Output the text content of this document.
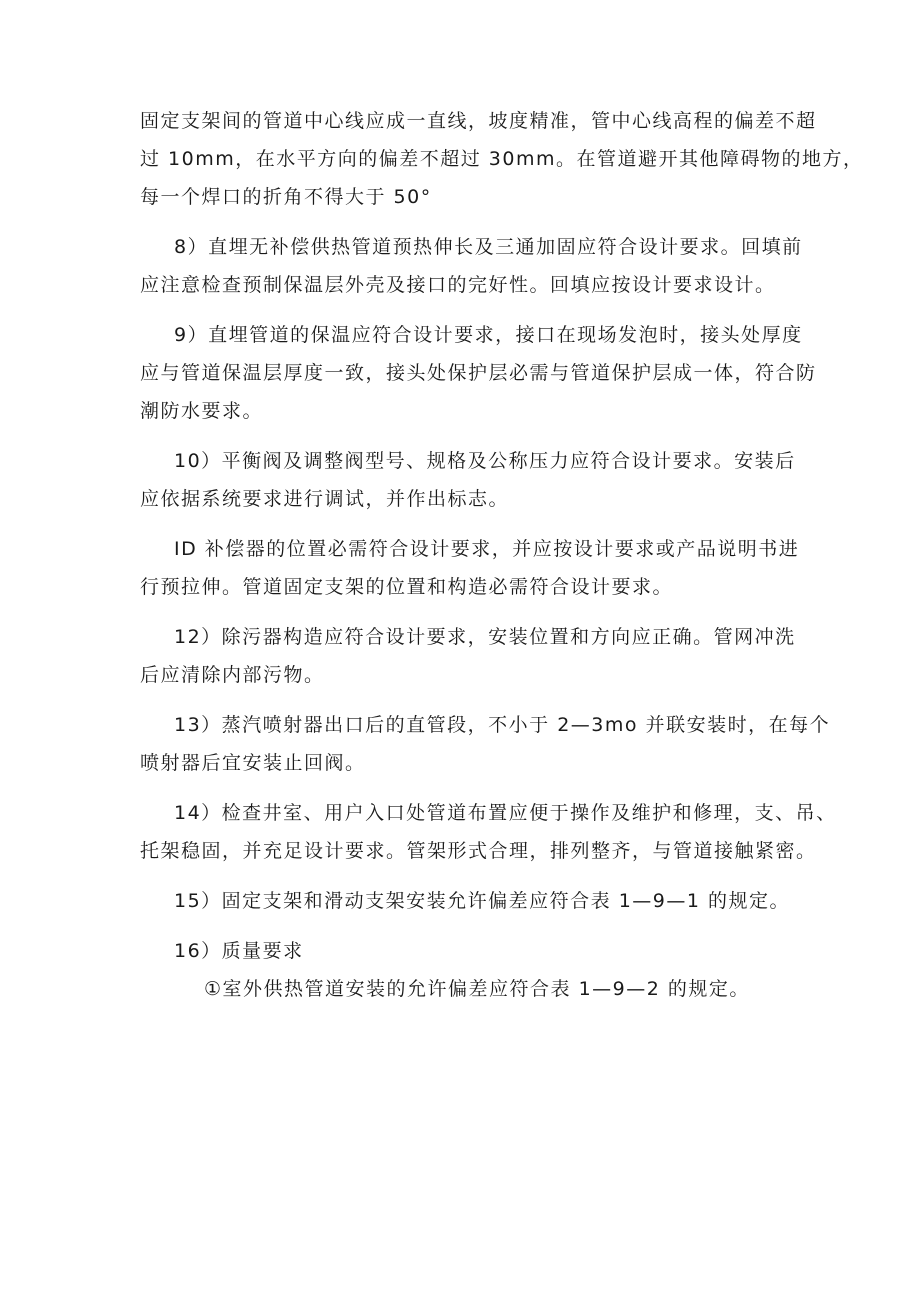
固定支架间的管道中心线应成一直线，坡度精准，管中心线高程的偏差不超
过 10mm，在水平方向的偏差不超过 30mm。在管道避开其他障碍物的地方，
每一个焊口的折角不得大于 50°

8）直埋无补偿供热管道预热伸长及三通加固应符合设计要求。回填前
应注意检查预制保温层外壳及接口的完好性。回填应按设计要求设计。

9）直埋管道的保温应符合设计要求，接口在现场发泡时，接头处厚度
应与管道保温层厚度一致，接头处保护层必需与管道保护层成一体，符合防
潮防水要求。

10）平衡阀及调整阀型号、规格及公称压力应符合设计要求。安装后
应依据系统要求进行调试，并作出标志。

ID 补偿器的位置必需符合设计要求，并应按设计要求或产品说明书进
行预拉伸。管道固定支架的位置和构造必需符合设计要求。

12）除污器构造应符合设计要求，安装位置和方向应正确。管网冲洗
后应清除内部污物。

13）蒸汽喷射器出口后的直管段，不小于 2—3mo 并联安装时，在每个
喷射器后宜安装止回阀。

14）检查井室、用户入口处管道布置应便于操作及维护和修理，支、吊、
托架稳固，并充足设计要求。管架形式合理，排列整齐，与管道接触紧密。

15）固定支架和滑动支架安装允许偏差应符合表 1—9—1 的规定。

16）质量要求

①室外供热管道安装的允许偏差应符合表 1—9—2 的规定。
